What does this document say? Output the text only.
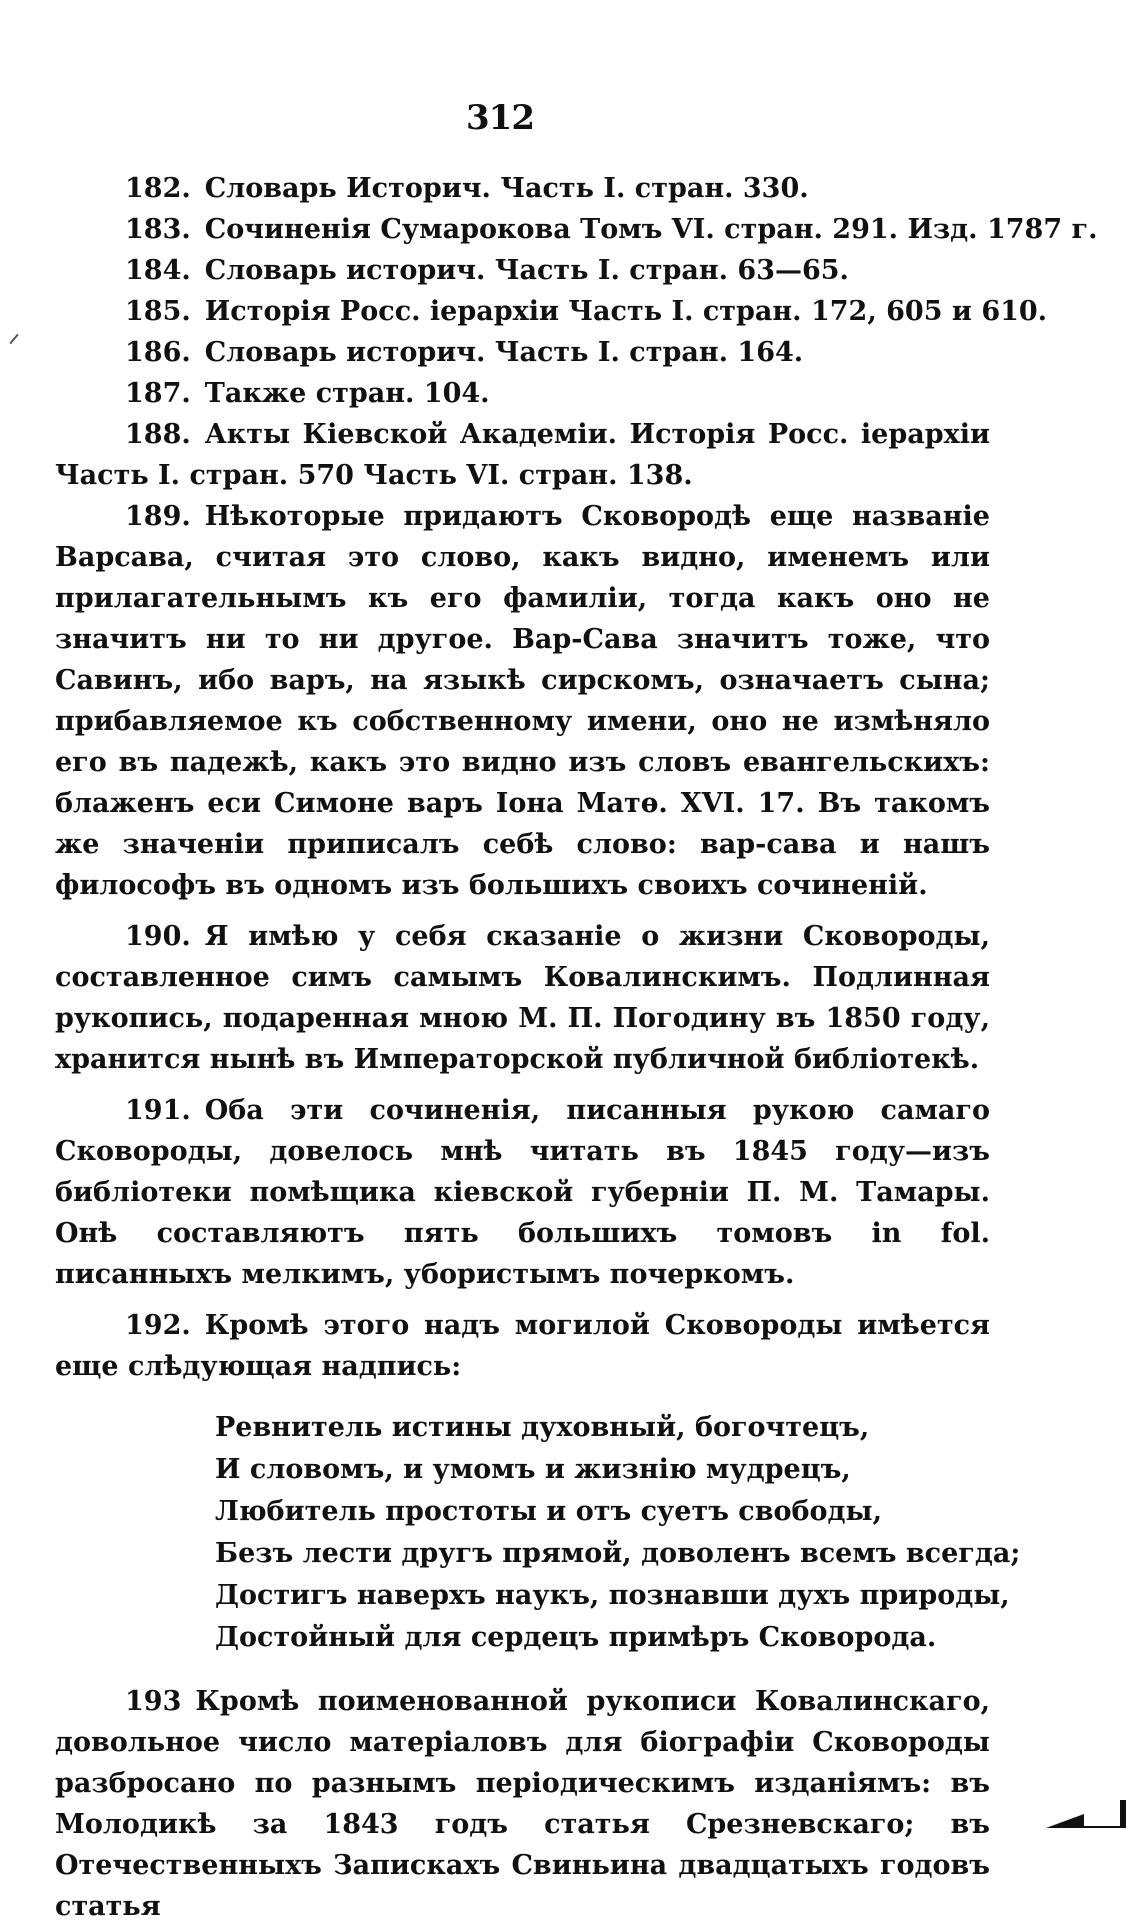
312

182. Словарь Историч. Часть I. стран. 330.

183. Сочиненія Сумарокова Томъ VI. стран. 291. Изд. 1787 г.

184. Словарь историч. Часть I. стран. 63—65.

185. Исторія Росс. іерархіи Часть I. стран. 172, 605 и 610.

186. Словарь историч. Часть I. стран. 164.

187. Также стран. 104.

188. Акты Кіевской Академіи. Исторія Росс. іерархіи Часть I. стран. 570 Часть VI. стран. 138.

189. Нѣкоторые придаютъ Сковородѣ еще названіе Варсава, считая это слово, какъ видно, именемъ или прилагательнымъ къ его фамиліи, тогда какъ оно не значитъ ни то ни другое. Вар-Сава значитъ тоже, что Савинъ, ибо варъ, на языкѣ сирскомъ, означаетъ сына; прибавляемое къ собственному имени, оно не измѣняло его въ падежѣ, какъ это видно изъ словъ евангельскихъ: блаженъ еси Симоне варъ Іона Матѳ. XVI. 17. Въ такомъ же значеніи приписалъ себѣ слово: вар-сава и нашъ философъ въ одномъ изъ большихъ своихъ сочиненій.

190. Я имѣю у себя сказаніе о жизни Сковороды, составленное симъ самымъ Ковалинскимъ. Подлинная рукопись, подаренная мною М. П. Погодину въ 1850 году, хранится нынѣ въ Императорской публичной библіотекѣ.

191. Оба эти сочиненія, писанныя рукою самаго Сковороды, довелось мнѣ читать въ 1845 году—изъ библіотеки помѣщика кіевской губерніи П. М. Тамары. Онѣ составляютъ пять большихъ томовъ in fol. писанныхъ мелкимъ, убористымъ почеркомъ.

192. Кромѣ этого надъ могилой Сковороды имѣется еще слѣдующая надпись:

Ревнитель истины духовный, богочтецъ,

И словомъ, и умомъ и жизнію мудрецъ,

Любитель простоты и отъ суетъ свободы,

Безъ лести другъ прямой, доволенъ всемъ всегда;

Достигъ наверхъ наукъ, познавши духъ природы,

Достойный для сердецъ примѣръ Сковорода.

193 Кромѣ поименованной рукописи Ковалинскаго, довольное число матеріаловъ для біографіи Сковороды разбросано по разнымъ періодическимъ изданіямъ: въ Молодикѣ за 1843 годъ статья Срезневскаго; въ Отечественныхъ Запискахъ Свиньина двадцатыхъ годовъ статья
